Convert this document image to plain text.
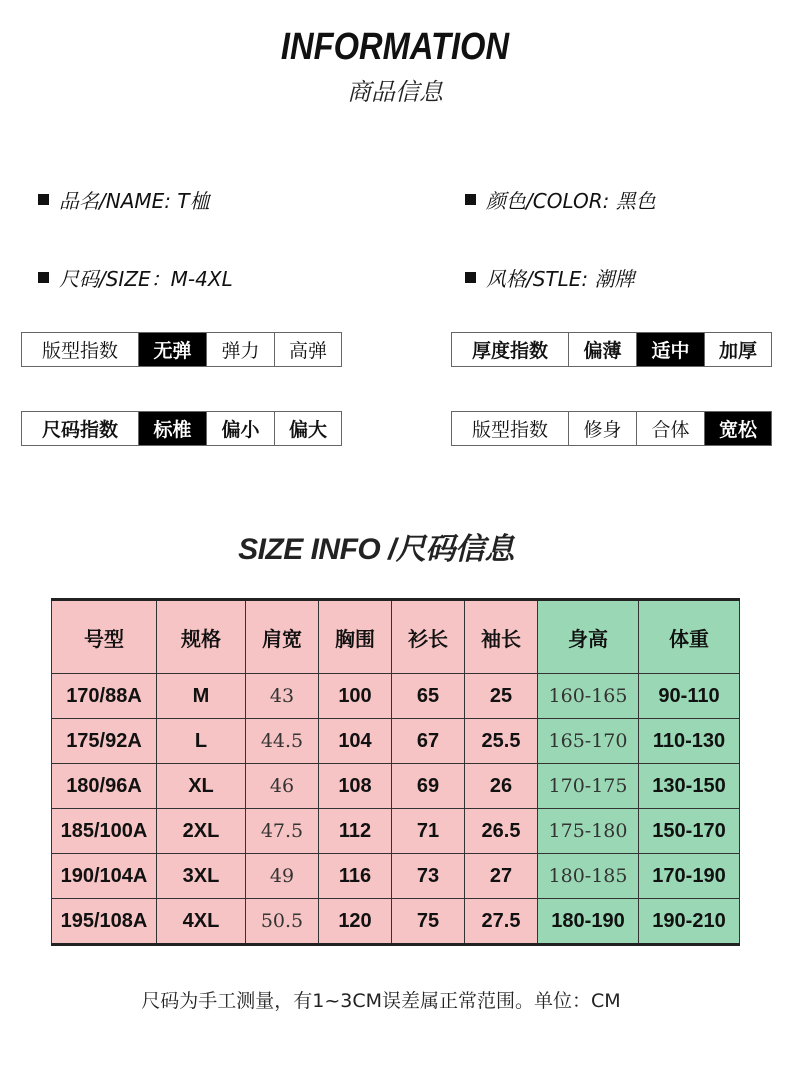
INFORMATION
商品信息
品名/NAME: T桖	颜色/COLOR: 黑色
尺码/SIZE：M-4XL	风格/STLE: 潮牌
版型指数	无弹	弹力	高弹	厚度指数	偏薄	适中	加厚
尺码指数	标椎	偏小	偏大	版型指数	修身	合体	宽松
SIZE INFO /尺码信息
号型	规格	肩宽	胸围	衫长	袖长	身高	体重
170/88A	M	43	100	65	25	160-165	90-110
175/92A	L	44.5	104	67	25.5	165-170	110-130
180/96A	XL	46	108	69	26	170-175	130-150
185/100A	2XL	47.5	112	71	26.5	175-180	150-170
190/104A	3XL	49	116	73	27	180-185	170-190
195/108A	4XL	50.5	120	75	27.5	180-190	190-210
尺码为手工测量，有1~3CM误差属正常范围。单位：CM
